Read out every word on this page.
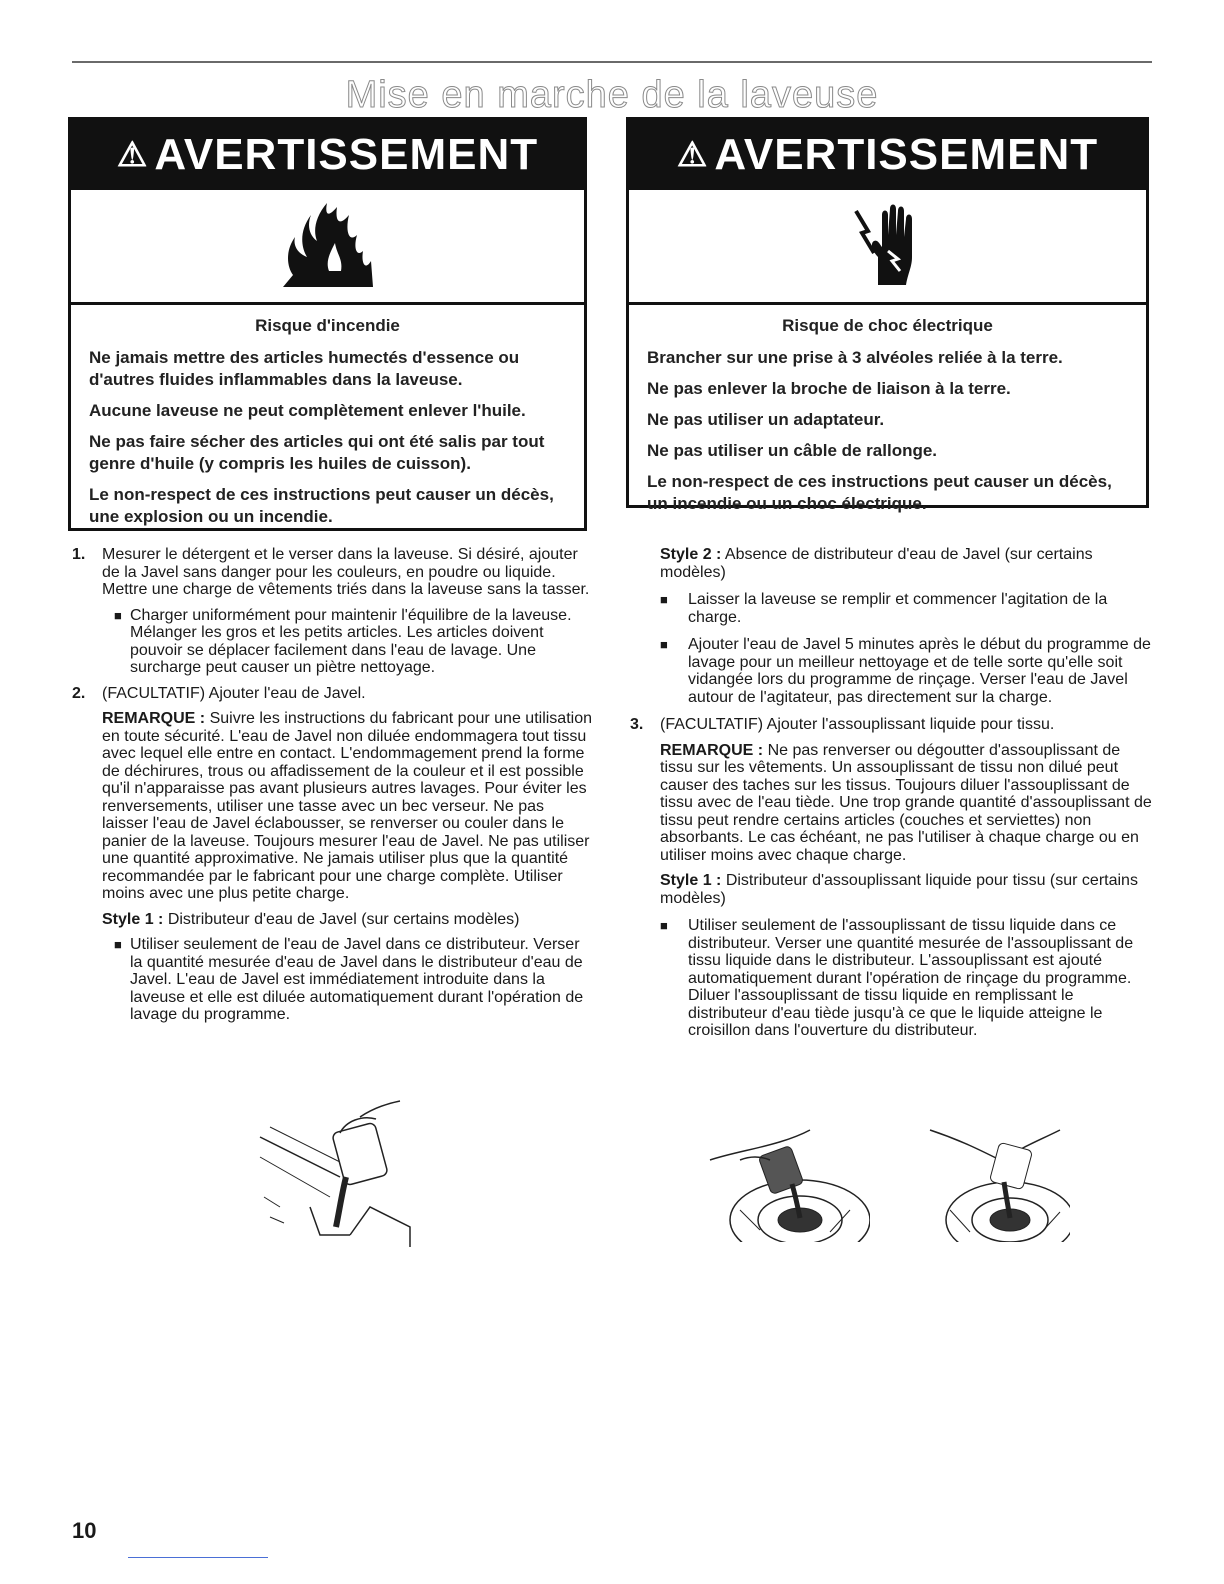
Mise en marche de la laveuse
⚠ AVERTISSEMENT
Risque d'incendie

Ne jamais mettre des articles humectés d'essence ou d'autres fluides inflammables dans la laveuse.

Aucune laveuse ne peut complètement enlever l'huile.

Ne pas faire sécher des articles qui ont été salis par tout genre d'huile (y compris les huiles de cuisson).

Le non-respect de ces instructions peut causer un décès, une explosion ou un incendie.

⚠ AVERTISSEMENT
Risque de choc électrique

Brancher sur une prise à 3 alvéoles reliée à la terre.

Ne pas enlever la broche de liaison à la terre.

Ne pas utiliser un adaptateur.

Ne pas utiliser un câble de rallonge.

Le non-respect de ces instructions peut causer un décès, un incendie ou un choc électrique.

1. Mesurer le détergent et le verser dans la laveuse. Si désiré, ajouter de la Javel sans danger pour les couleurs, en poudre ou liquide. Mettre une charge de vêtements triés dans la laveuse sans la tasser.

■ Charger uniformément pour maintenir l'équilibre de la laveuse. Mélanger les gros et les petits articles. Les articles doivent pouvoir se déplacer facilement dans l'eau de lavage. Une surcharge peut causer un piètre nettoyage.

2. (FACULTATIF) Ajouter l'eau de Javel.

REMARQUE : Suivre les instructions du fabricant pour une utilisation en toute sécurité. L'eau de Javel non diluée endommagera tout tissu avec lequel elle entre en contact. L'endommagement prend la forme de déchirures, trous ou affadissement de la couleur et il est possible qu'il n'apparaisse pas avant plusieurs autres lavages. Pour éviter les renversements, utiliser une tasse avec un bec verseur. Ne pas laisser l'eau de Javel éclabousser, se renverser ou couler dans le panier de la laveuse. Toujours mesurer l'eau de Javel. Ne pas utiliser une quantité approximative. Ne jamais utiliser plus que la quantité recommandée par le fabricant pour une charge complète. Utiliser moins avec une plus petite charge.

Style 1 : Distributeur d'eau de Javel (sur certains modèles)

■ Utiliser seulement de l'eau de Javel dans ce distributeur. Verser la quantité mesurée d'eau de Javel dans le distributeur d'eau de Javel. L'eau de Javel est immédiatement introduite dans la laveuse et elle est diluée automatiquement durant l'opération de lavage du programme.

Style 2 : Absence de distributeur d'eau de Javel (sur certains modèles)

■ Laisser la laveuse se remplir et commencer l'agitation de la charge.

■ Ajouter l'eau de Javel 5 minutes après le début du programme de lavage pour un meilleur nettoyage et de telle sorte qu'elle soit vidangée lors du programme de rinçage. Verser l'eau de Javel autour de l'agitateur, pas directement sur la charge.

3. (FACULTATIF) Ajouter l'assouplissant liquide pour tissu.

REMARQUE : Ne pas renverser ou dégoutter d'assouplissant de tissu sur les vêtements. Un assouplissant de tissu non dilué peut causer des taches sur les tissus. Toujours diluer l'assouplissant de tissu avec de l'eau tiède. Une trop grande quantité d'assouplissant de tissu peut rendre certains articles (couches et serviettes) non absorbants. Le cas échéant, ne pas l'utiliser à chaque charge ou en utiliser moins avec chaque charge.

Style 1 : Distributeur d'assouplissant liquide pour tissu (sur certains modèles)

■ Utiliser seulement de l'assouplissant de tissu liquide dans ce distributeur. Verser une quantité mesurée de l'assouplissant de tissu liquide dans le distributeur. L'assouplissant est ajouté automatiquement durant l'opération de rinçage du programme. Diluer l'assouplissant de tissu liquide en remplissant le distributeur d'eau tiède jusqu'à ce que le liquide atteigne le croisillon dans l'ouverture du distributeur.

10
